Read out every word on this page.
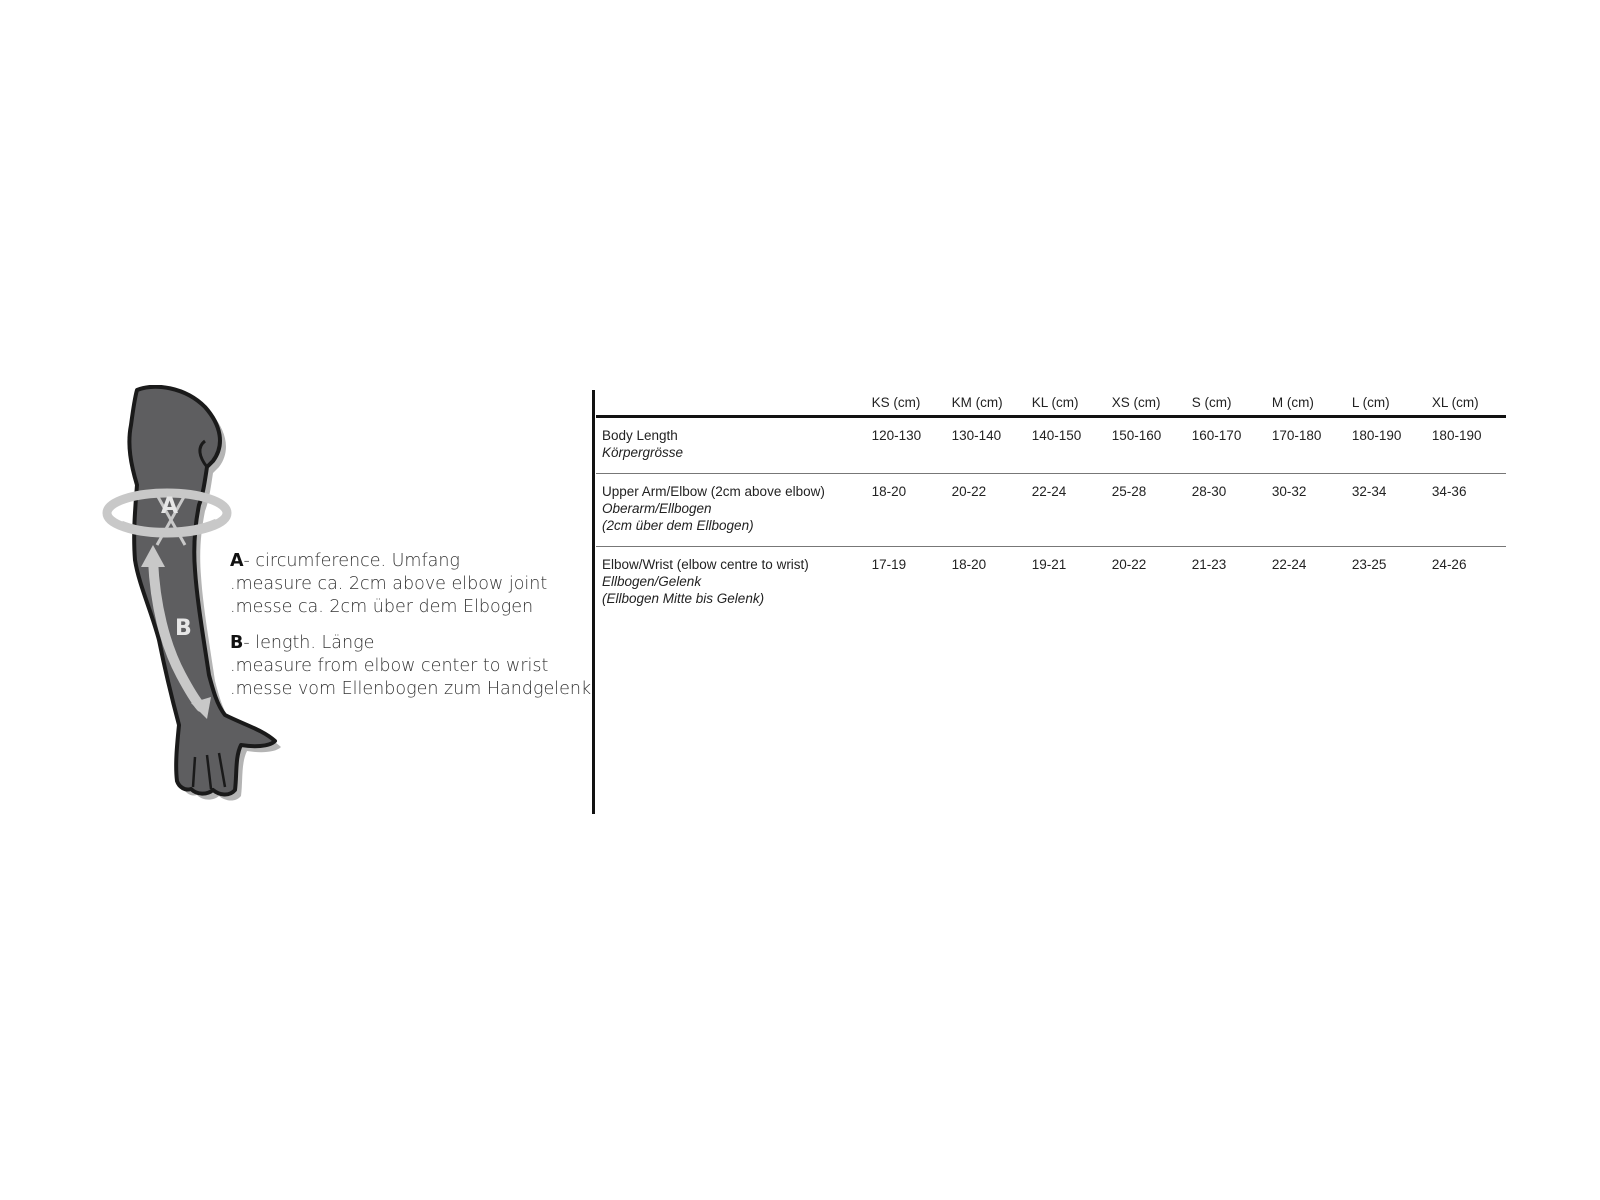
A
B
A- circumference. Umfang
.measure ca. 2cm above elbow joint
.messe ca. 2cm über dem Elbogen
B- length. Länge
.measure from elbow center to wrist
.messe vom Ellenbogen zum Handgelenk
	KS (cm)	KM (cm)	KL (cm)	XS (cm)	S (cm)	M (cm)	L (cm)	XL (cm)
Body Length
Körpergrösse	120-130	130-140	140-150	150-160	160-170	170-180	180-190	180-190
Upper Arm/Elbow (2cm above elbow)
Oberarm/Ellbogen
(2cm über dem Ellbogen)	18-20	20-22	22-24	25-28	28-30	30-32	32-34	34-36
Elbow/Wrist (elbow centre to wrist)
Ellbogen/Gelenk
(Ellbogen Mitte bis Gelenk)	17-19	18-20	19-21	20-22	21-23	22-24	23-25	24-26
